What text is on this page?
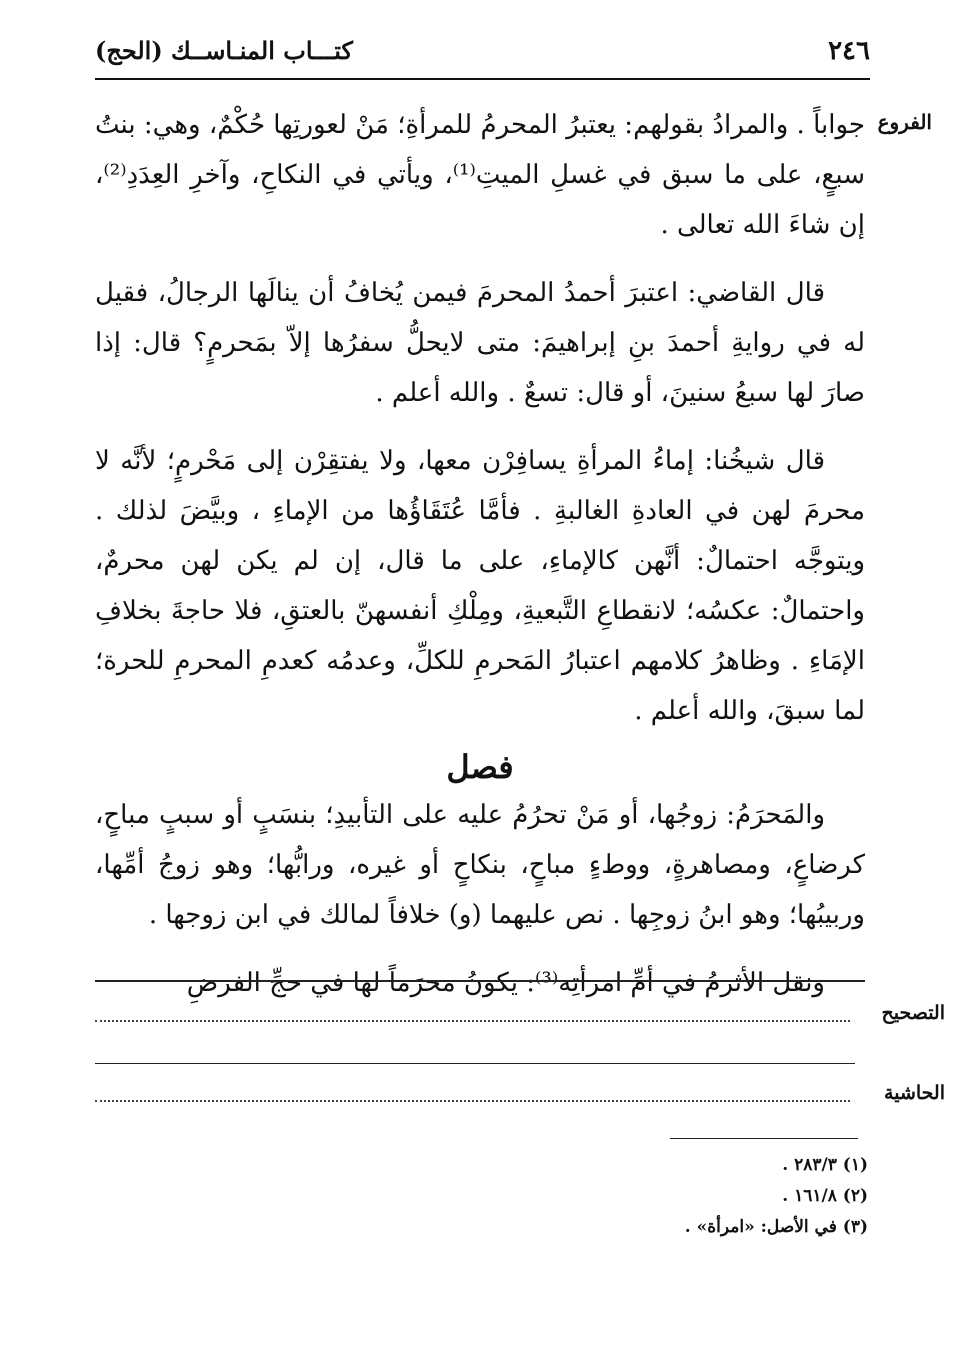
٢٤٦
كتـــاب المنـاســك (الحج)
الفروع

جواباً . والمرادُ بقولهم: يعتبرُ المحرمُ للمرأةِ؛ مَنْ لعورتِها حُكْمٌ، وهي: بنتُ سبعٍ، على ما سبق في غسلِ الميتِ⁽¹⁾، ويأتي في النكاحِ، وآخرِ العِدَدِ⁽²⁾، إن شاءَ الله تعالى .

قال القاضي: اعتبرَ أحمدُ المحرمَ فيمن يُخافُ أن ينالَها الرجالُ، فقيل له في روايةِ أحمدَ بنِ إبراهيمَ: متى لايحلُّ سفرُها إلاّ بمَحرمٍ؟ قال: إذا صارَ لها سبعُ سنينَ، أو قال: تسعٌ . والله أعلم .

قال شيخُنا: إماءُ المرأةِ يسافِرْن معها، ولا يفتقِرْن إلى مَحْرمٍ؛ لأنَّه لا محرمَ لهن في العادةِ الغالبةِ . فأمَّا عُتَقَاؤُها من الإماءِ ، وبيَّضَ لذلك . ويتوجَّه احتمالٌ: أنَّهن كالإماءِ، على ما قال، إن لم يكن لهن محرمٌ، واحتمالٌ: عكسُه؛ لانقطاعِ التَّبعيةِ، ومِلْكِ أنفسهنّ بالعتقِ، فلا حاجةَ بخلافِ الإمَاءِ . وظاهرُ كلامهم اعتبارُ المَحرمِ للكلِّ، وعدمُه كعدمِ المحرمِ للحرة؛ لما سبقَ، والله أعلم .

فصل

والمَحرَمُ: زوجُها، أو مَنْ تحرُمُ عليه على التأبيدِ؛ بنسَبٍ أو سببٍ مباحٍ، كرضاعٍ، ومصاهرةٍ، ووطءٍ مباحٍ، بنكاحٍ أو غيره، ورابُّها؛ وهو زوجُ أمِّها، وربيبُها؛ وهو ابنُ زوجِها . نص عليهما (و) خلافاً لمالك في ابن زوجها .

ونقل الأثرمُ في أمِّ امرأتِه⁽³⁾: يكونُ محرَماً لها في حجِّ الفرضِ

التصحيح
الحاشية
(١) ٢٨٣/٣ .
(٢) ١٦١/٨ .
(٣) في الأصل: «امرأة» .
